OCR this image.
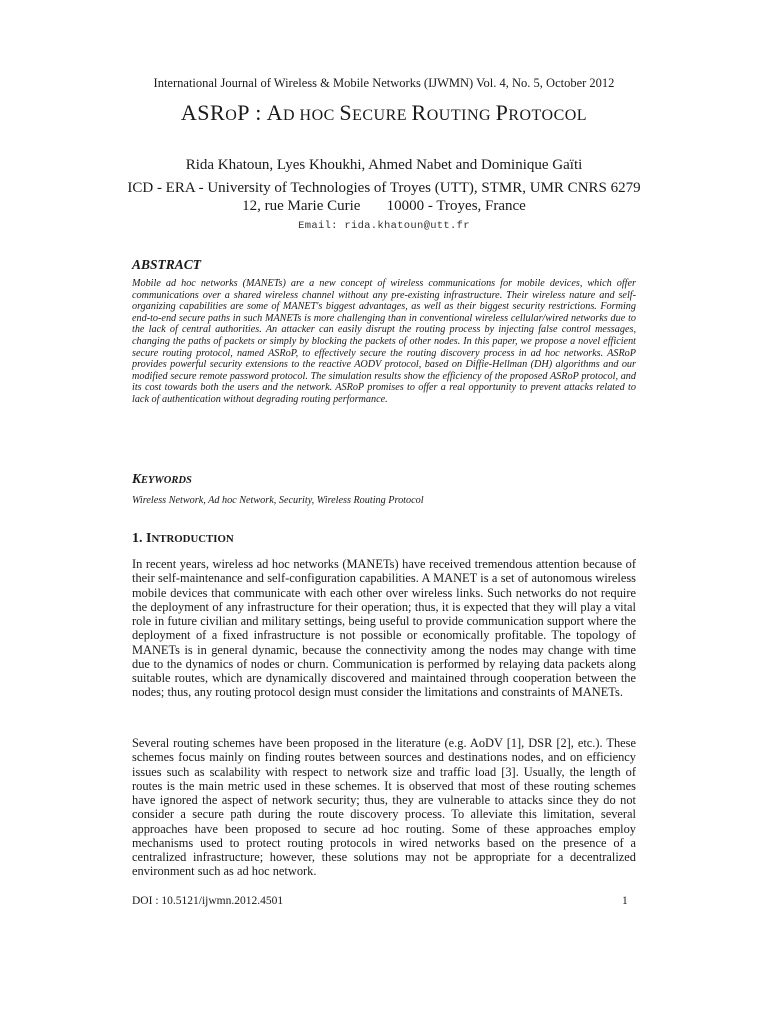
International Journal of Wireless & Mobile Networks (IJWMN) Vol. 4, No. 5, October 2012
ASROP : AD HOC SECURE ROUTING PROTOCOL
Rida Khatoun, Lyes Khoukhi, Ahmed Nabet and Dominique Gaïti
ICD - ERA - University of Technologies of Troyes (UTT), STMR, UMR CNRS 6279
12, rue Marie Curie       10000 - Troyes, France
Email: rida.khatoun@utt.fr
ABSTRACT

Mobile ad hoc networks (MANETs) are a new concept of wireless communications for mobile devices, which offer communications over a shared wireless channel without any pre-existing infrastructure. Their wireless nature and self-organizing capabilities are some of MANET's biggest advantages, as well as their biggest security restrictions. Forming end-to-end secure paths in such MANETs is more challenging than in conventional wireless cellular/wired networks due to the lack of central authorities. An attacker can easily disrupt the routing process by injecting false control messages, changing the paths of packets or simply by blocking the packets of other nodes. In this paper, we propose a novel efficient secure routing protocol, named ASRoP, to effectively secure the routing discovery process in ad hoc networks. ASRoP provides powerful security extensions to the reactive AODV protocol, based on Diffie-Hellman (DH) algorithms and our modified secure remote password protocol. The simulation results show the efficiency of the proposed ASRoP protocol, and its cost towards both the users and the network. ASRoP promises to offer a real opportunity to prevent attacks related to lack of authentication without degrading routing performance.

KEYWORDS

Wireless Network, Ad hoc Network, Security, Wireless Routing Protocol

1. INTRODUCTION

In recent years, wireless ad hoc networks (MANETs) have received tremendous attention because of their self-maintenance and self-configuration capabilities. A MANET is a set of autonomous wireless mobile devices that communicate with each other over wireless links. Such networks do not require the deployment of any infrastructure for their operation; thus, it is expected that they will play a vital role in future civilian and military settings, being useful to provide communication support where the deployment of a fixed infrastructure is not possible or economically profitable. The topology of MANETs is in general dynamic, because the connectivity among the nodes may change with time due to the dynamics of nodes or churn. Communication is performed by relaying data packets along suitable routes, which are dynamically discovered and maintained through cooperation between the nodes; thus, any routing protocol design must consider the limitations and constraints of MANETs.

Several routing schemes have been proposed in the literature (e.g. AoDV [1], DSR [2], etc.). These schemes focus mainly on finding routes between sources and destinations nodes, and on efficiency issues such as scalability with respect to network size and traffic load [3]. Usually, the length of routes is the main metric used in these schemes. It is observed that most of these routing schemes have ignored the aspect of network security; thus, they are vulnerable to attacks since they do not consider a secure path during the route discovery process. To alleviate this limitation, several approaches have been proposed to secure ad hoc routing. Some of these approaches employ mechanisms used to protect routing protocols in wired networks based on the presence of a centralized infrastructure; however, these solutions may not be appropriate for a decentralized environment such as ad hoc network.

DOI : 10.5121/ijwmn.2012.4501	1
